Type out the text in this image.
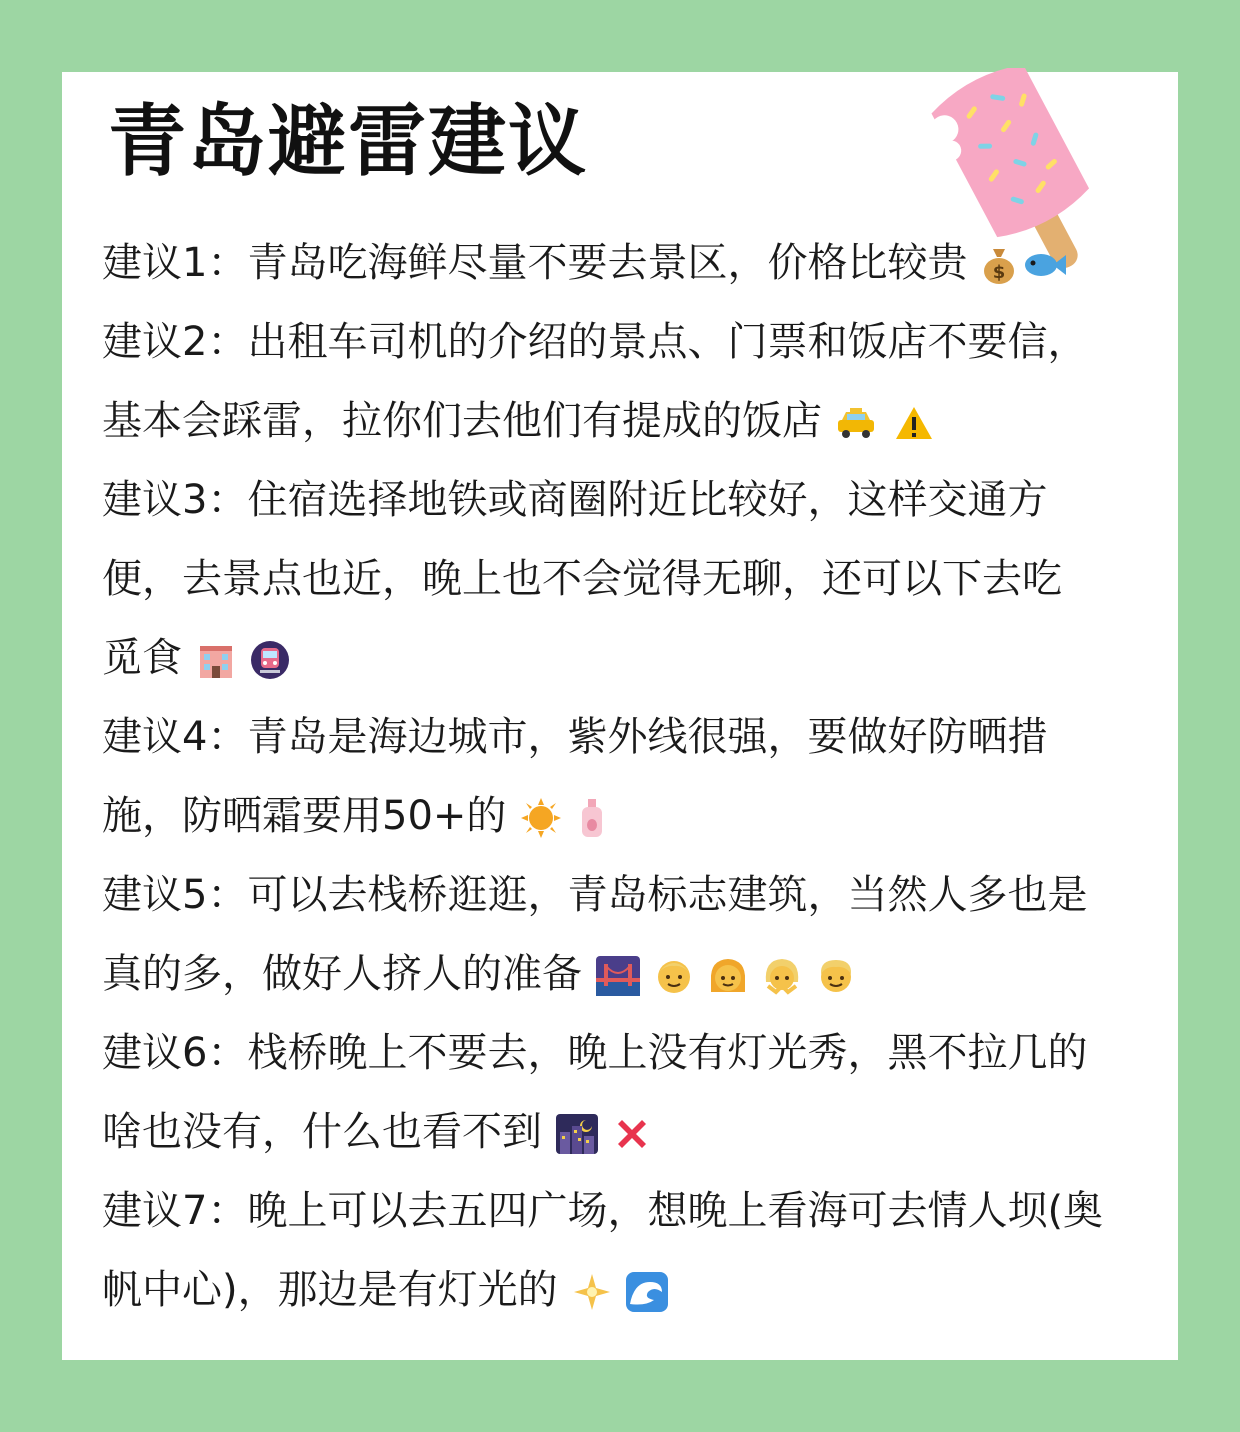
青岛避雷建议
建议1：青岛吃海鲜尽量不要去景区，价格比较贵 $
建议2：出租车司机的介绍的景点、门票和饭店不要信，
基本会踩雷，拉你们去他们有提成的饭店
建议3：住宿选择地铁或商圈附近比较好，这样交通方
便，去景点也近，晚上也不会觉得无聊，还可以下去吃
觅食
建议4：青岛是海边城市，紫外线很强，要做好防晒措
施，防晒霜要用50+的
建议5：可以去栈桥逛逛，青岛标志建筑，当然人多也是
真的多，做好人挤人的准备
建议6：栈桥晚上不要去，晚上没有灯光秀，黑不拉几的
啥也没有，什么也看不到
建议7：晚上可以去五四广场，想晚上看海可去情人坝(奥
帆中心)，那边是有灯光的
